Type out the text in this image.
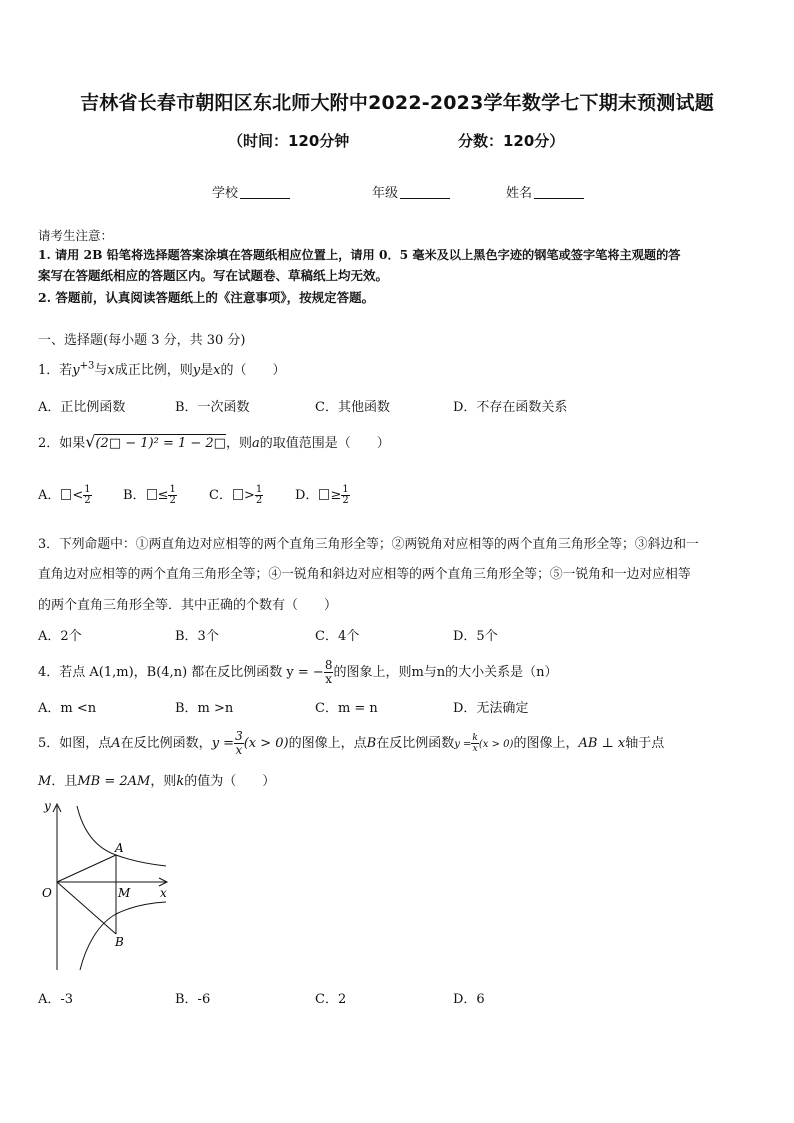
吉林省长春市朝阳区东北师大附中2022-2023学年数学七下期末预测试题
（时间：120分钟	分数：120分）
学校	年级	姓名
请考生注意：
1. 请用 2B 铅笔将选择题答案涂填在答题纸相应位置上，请用 0．5 毫米及以上黑色字迹的钢笔或签字笔将主观题的答
案写在答题纸相应的答题区内。写在试题卷、草稿纸上均无效。
2. 答题前，认真阅读答题纸上的《注意事项》，按规定答题。
一、选择题(每小题 3 分，共 30 分)
1．若$y^{+3}$与x成正比例，则y是x的（　　）
A．正比例函数	B．一次函数	C．其他函数	D．不存在函数关系
2．如果√(2□ − 1)² = 1 − 2□，则a的取值范围是（　　）
A． < $\frac{1}{2}$ B． ≤ $\frac{1}{2}$ C． > $\frac{1}{2}$ D． ≥ $\frac{1}{2}$
3．下列命题中：①两直角边对应相等的两个直角三角形全等；②两锐角对应相等的两个直角三角形全等；③斜边和一
直角边对应相等的两个直角三角形全等；④一锐角和斜边对应相等的两个直角三角形全等；⑤一锐角和一边对应相等
的两个直角三角形全等．其中正确的个数有（　　）
A．2个	B．3个	C．4个	D．5个
4．若点 A(1,m)，B(4,n) 都在反比例函数 y = − $\frac{8}{x}$ 的图象上，则m与n的大小关系是（n）
A．m <n	B．m >n	C．m = n	D．无法确定
5．如图，点A在反比例函数，$y = \frac{3}{x} (x > 0)$的图像上，点B在反比例函数$y = \frac{k}{x} (x > 0)$的图像上，AB ⊥ x轴于点
M．且MB = 2AM，则k的值为（　　）
y
A
O	M x
B
A．-3	B．-6	C．2	D．6
